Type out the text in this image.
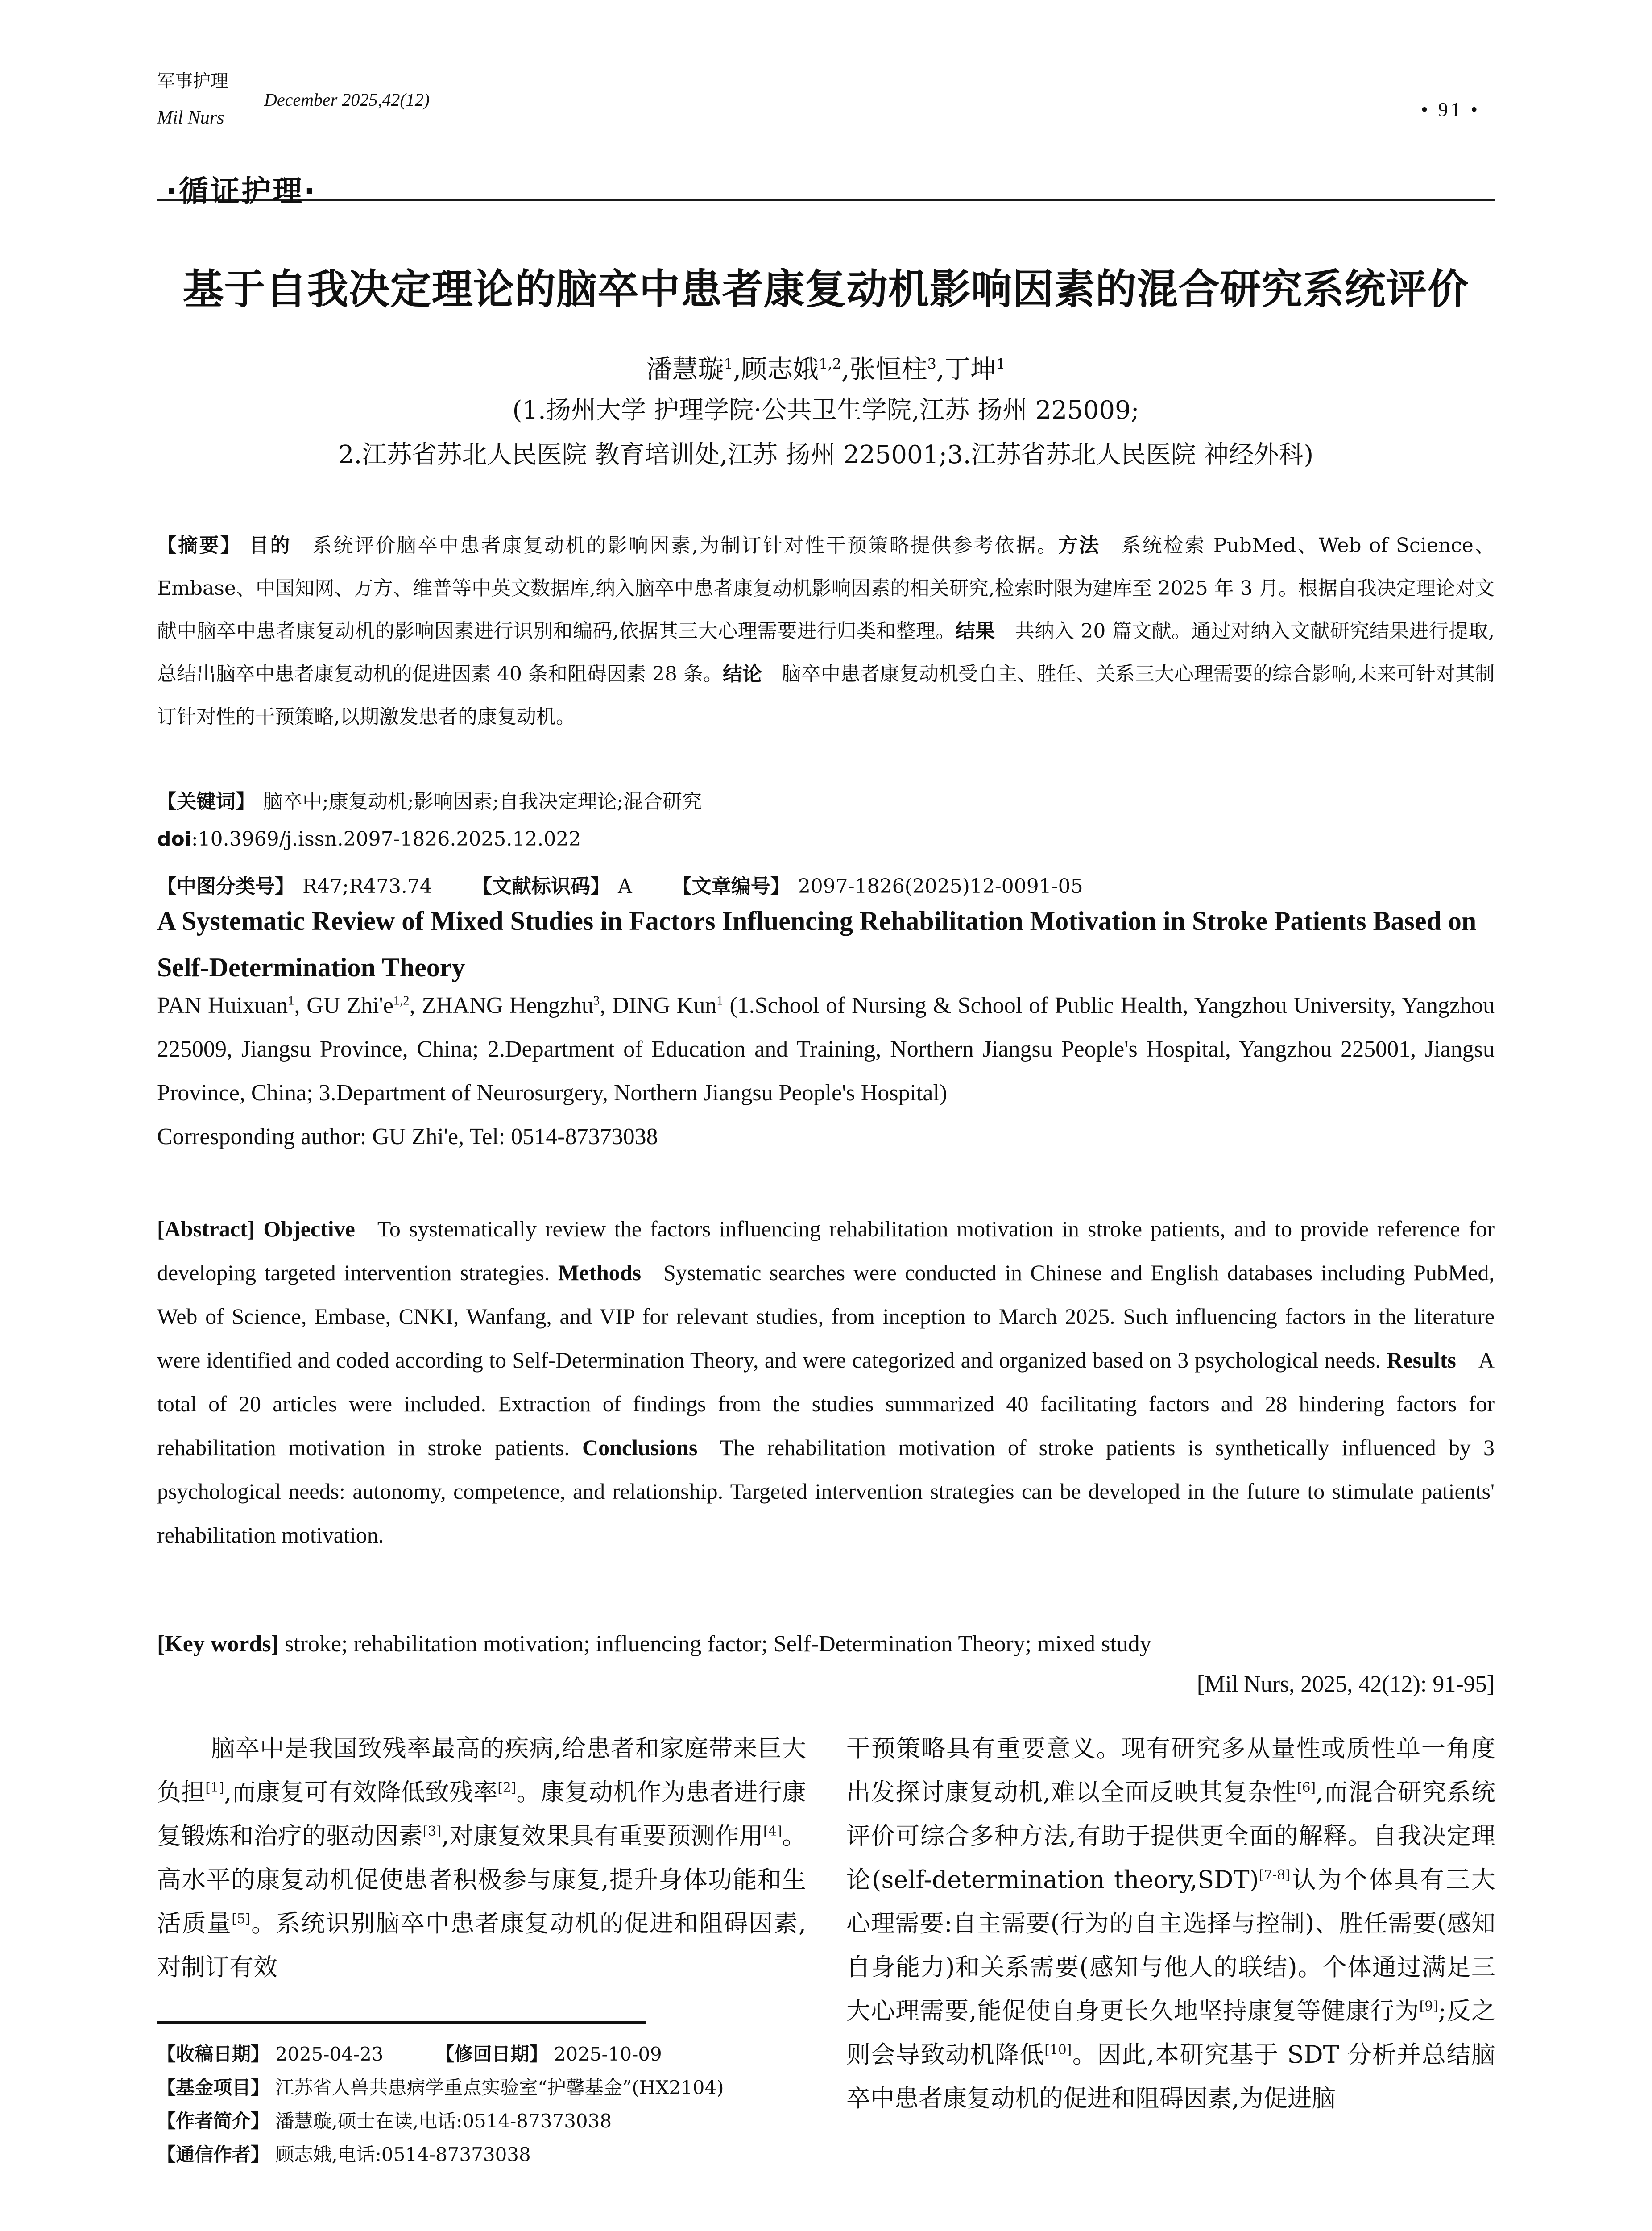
军事护理
Mil Nurs
December 2025,42(12)	• 91 •
·循证护理·
基于自我决定理论的脑卒中患者康复动机影响因素的混合研究系统评价
潘慧璇$^1$,顾志娥$^{1,2}$,张恒柱$^3$,丁坤$^1$
(1.扬州大学 护理学院·公共卫生学院,江苏 扬州 225009;
2.江苏省苏北人民医院 教育培训处,江苏 扬州 225001;3.江苏省苏北人民医院 神经外科)
【摘要】 目的  系统评价脑卒中患者康复动机的影响因素,为制订针对性干预策略提供参考依据。方法  系统检索 PubMed、Web of Science、Embase、中国知网、万方、维普等中英文数据库,纳入脑卒中患者康复动机影响因素的相关研究,检索时限为建库至 2025 年 3 月。根据自我决定理论对文献中脑卒中患者康复动机的影响因素进行识别和编码,依据其三大心理需要进行归类和整理。结果  共纳入 20 篇文献。通过对纳入文献研究结果进行提取,总结出脑卒中患者康复动机的促进因素 40 条和阻碍因素 28 条。结论  脑卒中患者康复动机受自主、胜任、关系三大心理需要的综合影响,未来可针对其制订针对性的干预策略,以期激发患者的康复动机。
【关键词】 脑卒中;康复动机;影响因素;自我决定理论;混合研究
doi:10.3969/j.issn.2097-1826.2025.12.022
【中图分类号】 R47;R473.74 【文献标识码】 A 【文章编号】 2097-1826(2025)12-0091-05
A Systematic Review of Mixed Studies in Factors Influencing Rehabilitation Motivation in Stroke Patients Based on Self-Determination Theory
PAN Huixuan$^1$, GU $Zhi'e^{1,2}$, ZHANG Hengzhu$^3$, DING Kun$^1$ (1.School of Nursing & School of Public Health, Yangzhou University, Yangzhou 225009, Jiangsu Province, China; 2.Department of Education and Training, Northern Jiangsu People's Hospital, Yangzhou 225001, Jiangsu Province, China; 3.Department of Neurosurgery, Northern Jiangsu People's Hospital)
Corresponding author: GU Zhi'e, Tel: 0514-87373038
[Abstract] Objective  To systematically review the factors influencing rehabilitation motivation in stroke patients, and to provide reference for developing targeted intervention strategies. Methods  Systematic searches were conducted in Chinese and English databases including PubMed, Web of Science, Embase, CNKI, Wanfang, and VIP for relevant studies, from inception to March 2025. Such influencing factors in the literature were identified and coded according to Self-Determination Theory, and were categorized and organized based on 3 psychological needs. Results  A total of 20 articles were included. Extraction of findings from the studies summarized 40 facilitating factors and 28 hindering factors for rehabilitation motivation in stroke patients. Conclusions  The rehabilitation motivation of stroke patients is synthetically influenced by 3 psychological needs: autonomy, competence, and relationship. Targeted intervention strategies can be developed in the future to stimulate patients' rehabilitation motivation.
[Key words] stroke; rehabilitation motivation; influencing factor; Self-Determination Theory; mixed study
[Mil Nurs, 2025, 42(12): 91-95]
脑卒中是我国致残率最高的疾病,给患者和家庭带来巨大负担[1],而康复可有效降低致残率[2]。康复动机作为患者进行康复锻炼和治疗的驱动因素[3],对康复效果具有重要预测作用[4]。高水平的康复动机促使患者积极参与康复,提升身体功能和生活质量[5]。系统识别脑卒中患者康复动机的促进和阻碍因素,对制订有效
干预策略具有重要意义。现有研究多从量性或质性单一角度出发探讨康复动机,难以全面反映其复杂性[6],而混合研究系统评价可综合多种方法,有助于提供更全面的解释。自我决定理论(self-determination theory,SDT)[7-8]认为个体具有三大心理需要:自主需要(行为的自主选择与控制)、胜任需要(感知自身能力)和关系需要(感知与他人的联结)。个体通过满足三大心理需要,能促使自身更长久地坚持康复等健康行为[9];反之则会导致动机降低[10]。因此,本研究基于 SDT 分析并总结脑卒中患者康复动机的促进和阻碍因素,为促进脑
【收稿日期】 2025-04-23	【修回日期】 2025-10-09
【基金项目】 江苏省人兽共患病学重点实验室“护馨基金”(HX2104)
【作者简介】 潘慧璇,硕士在读,电话:0514-87373038
【通信作者】 顾志娥,电话:0514-87373038
